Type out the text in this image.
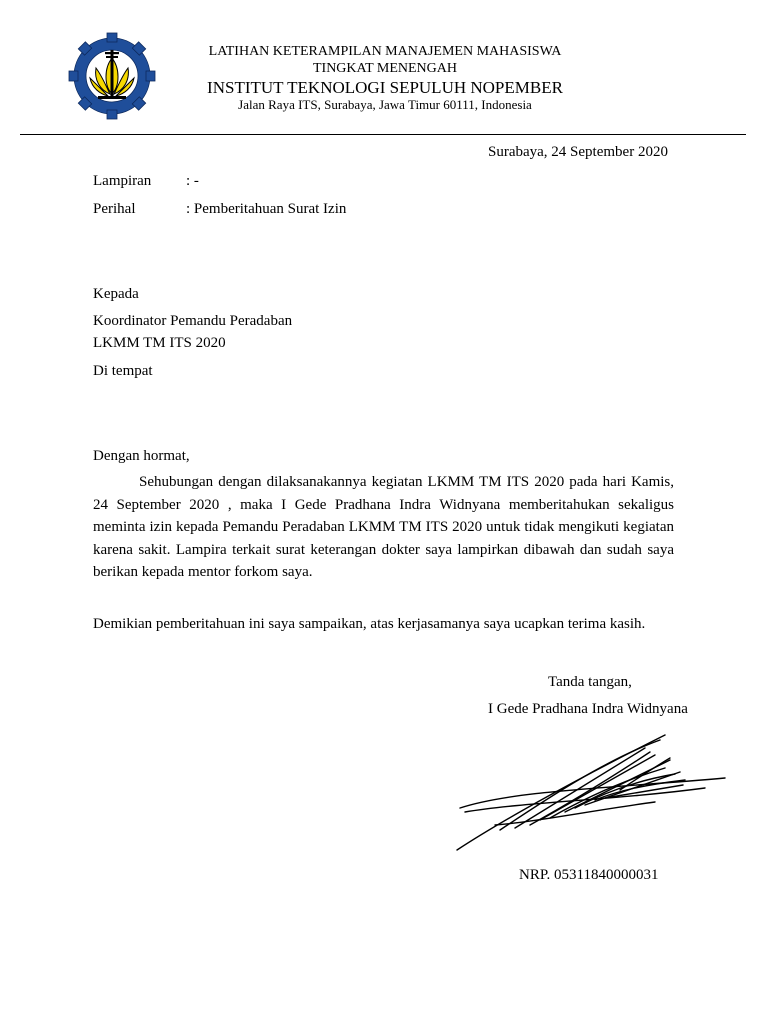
LATIHAN KETERAMPILAN MANAJEMEN MAHASISWA
TINGKAT MENENGAH
INSTITUT TEKNOLOGI SEPULUH NOPEMBER
Jalan Raya ITS, Surabaya, Jawa Timur 60111, Indonesia
Surabaya, 24 September 2020
Lampiran : -
Perihal	: Pemberitahuan Surat Izin
Kepada
Koordinator Pemandu Peradaban
LKMM TM ITS 2020
Di tempat
Dengan hormat,
Sehubungan dengan dilaksanakannya kegiatan LKMM TM ITS 2020 pada hari Kamis, 24 September 2020 , maka I Gede Pradhana Indra Widnyana memberitahukan sekaligus meminta izin kepada Pemandu Peradaban LKMM TM ITS 2020 untuk tidak mengikuti kegiatan karena sakit. Lampira terkait surat keterangan dokter saya lampirkan dibawah dan sudah saya berikan kepada mentor forkom saya.
Demikian pemberitahuan ini saya sampaikan, atas kerjasamanya saya ucapkan terima kasih.
Tanda tangan,
I Gede Pradhana Indra Widnyana
NRP. 05311840000031
